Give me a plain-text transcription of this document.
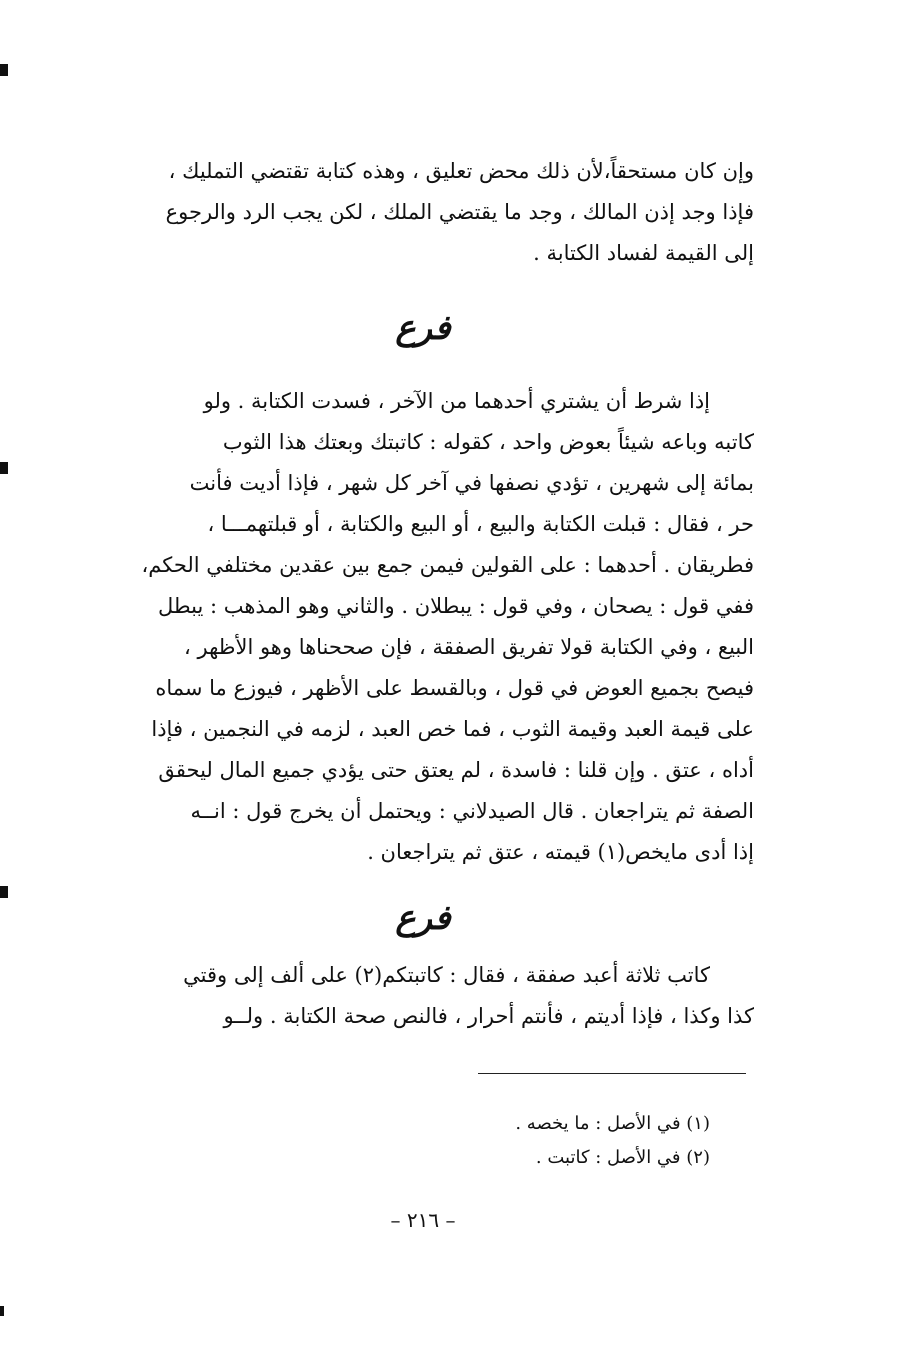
وإن كان مستحقاً،لأن ذلك محض تعليق ، وهذه كتابة تقتضي التمليك ،
فإذا وجد إذن المالك ، وجد ما يقتضي الملك ، لكن يجب الرد والرجوع
إلى القيمة لفساد الكتابة .
فرع
إذا شرط أن يشتري أحدهما من الآخر ، فسدت الكتابة . ولو
كاتبه وباعه شيئاً بعوض واحد ، كقوله : كاتبتك وبعتك هذا الثوب
بمائة إلى شهرين ، تؤدي نصفها في آخر كل شهر ، فإذا أديت فأنت
حر ، فقال : قبلت الكتابة والبيع ، أو البيع والكتابة ، أو قبلتهمـــا ،
فطريقان . أحدهما : على القولين فيمن جمع بين عقدين مختلفي الحكم،
ففي قول : يصحان ، وفي قول : يبطلان . والثاني وهو المذهب : يبطل
البيع ، وفي الكتابة قولا تفريق الصفقة ، فإن صححناها وهو الأظهر ،
فيصح بجميع العوض في قول ، وبالقسط على الأظهر ، فيوزع ما سماه
على قيمة العبد وقيمة الثوب ، فما خص العبد ، لزمه في النجمين ، فإذا
أداه ، عتق . وإن قلنا : فاسدة ، لم يعتق حتى يؤدي جميع المال ليحقق
الصفة ثم يتراجعان . قال الصيدلاني : ويحتمل أن يخرج قول : انــه
إذا أدى مايخص(١) قيمته ، عتق ثم يتراجعان .
فرع
كاتب ثلاثة أعبد صفقة ، فقال : كاتبتكم(٢) على ألف إلى وقتي
كذا وكذا ، فإذا أديتم ، فأنتم أحرار ، فالنص صحة الكتابة . ولــو
(١) في الأصل : ما يخصه .
(٢) في الأصل : كاتبت .
– ٢١٦ –
